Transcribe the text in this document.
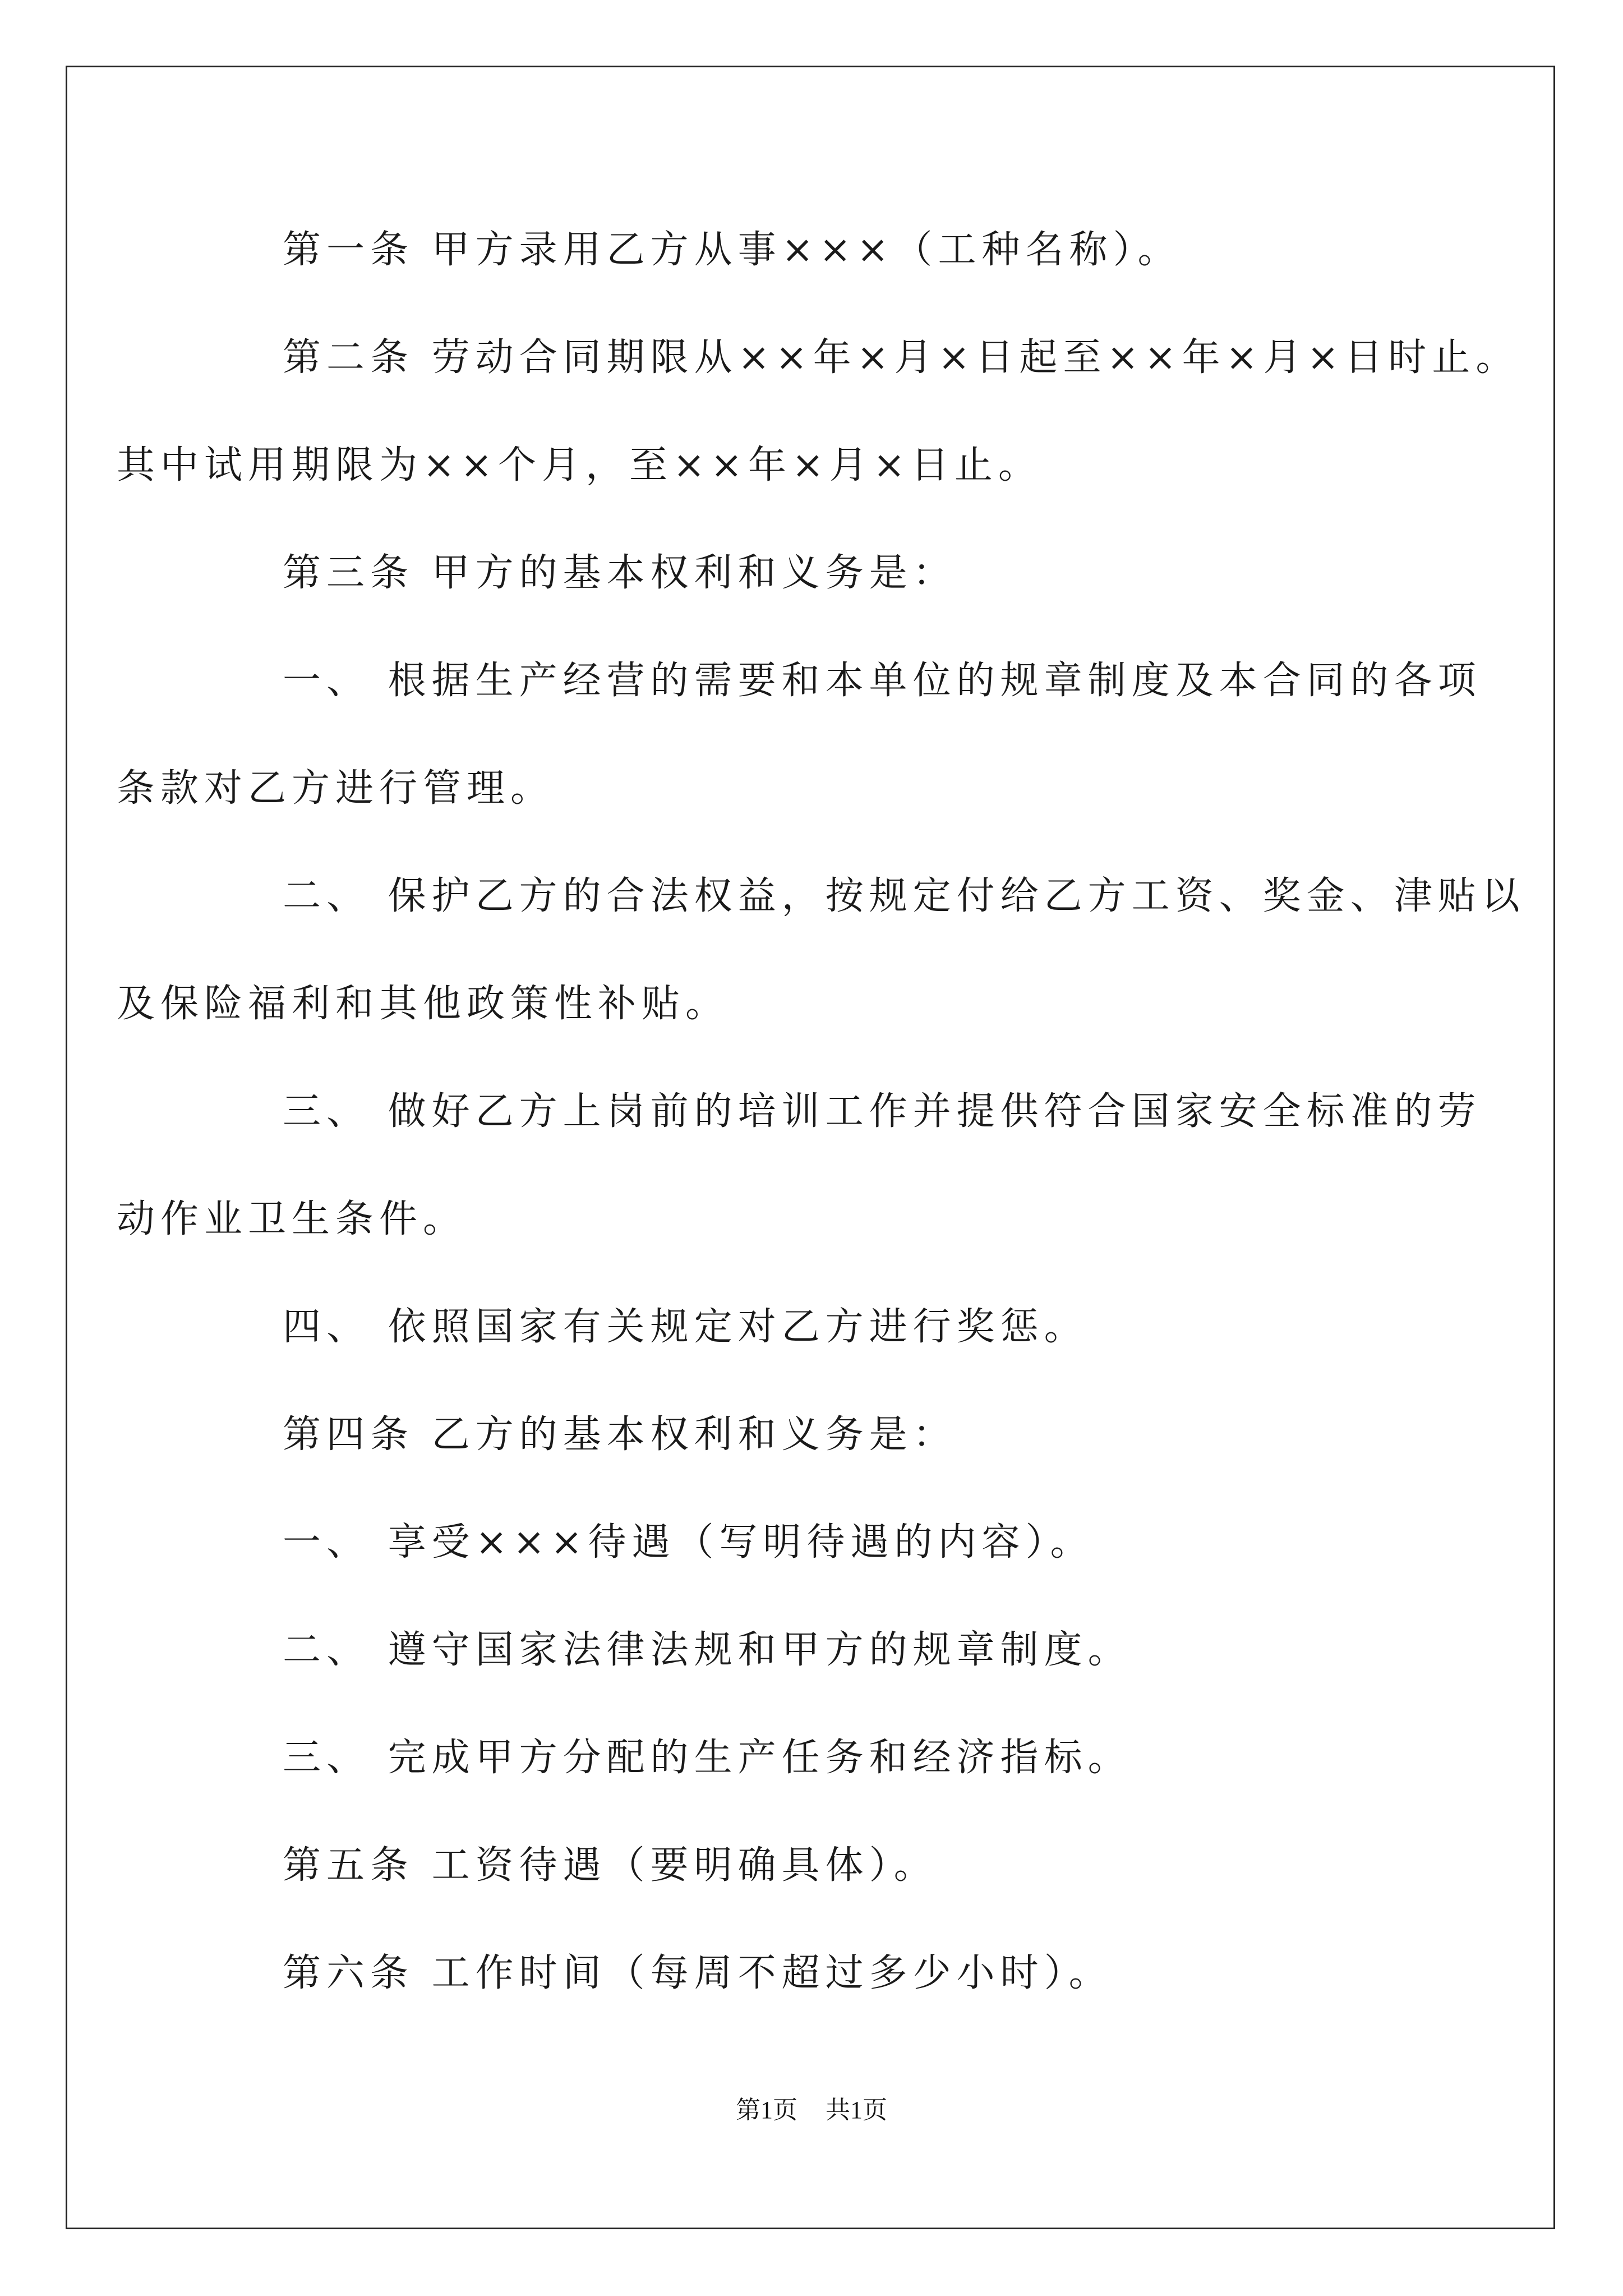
第一条 甲方录用乙方从事×××（工种名称）。

第二条 劳动合同期限从××年×月×日起至××年×月×日时止。

其中试用期限为××个月，至××年×月×日止。

第三条 甲方的基本权利和义务是：

一、 根据生产经营的需要和本单位的规章制度及本合同的各项

条款对乙方进行管理。

二、 保护乙方的合法权益，按规定付给乙方工资、奖金、津贴以

及保险福利和其他政策性补贴。

三、 做好乙方上岗前的培训工作并提供符合国家安全标准的劳

动作业卫生条件。

四、 依照国家有关规定对乙方进行奖惩。

第四条 乙方的基本权利和义务是：

一、 享受×××待遇（写明待遇的内容）。

二、 遵守国家法律法规和甲方的规章制度。

三、 完成甲方分配的生产任务和经济指标。

第五条 工资待遇（要明确具体）。

第六条 工作时间（每周不超过多少小时）。

第1页 共1页
